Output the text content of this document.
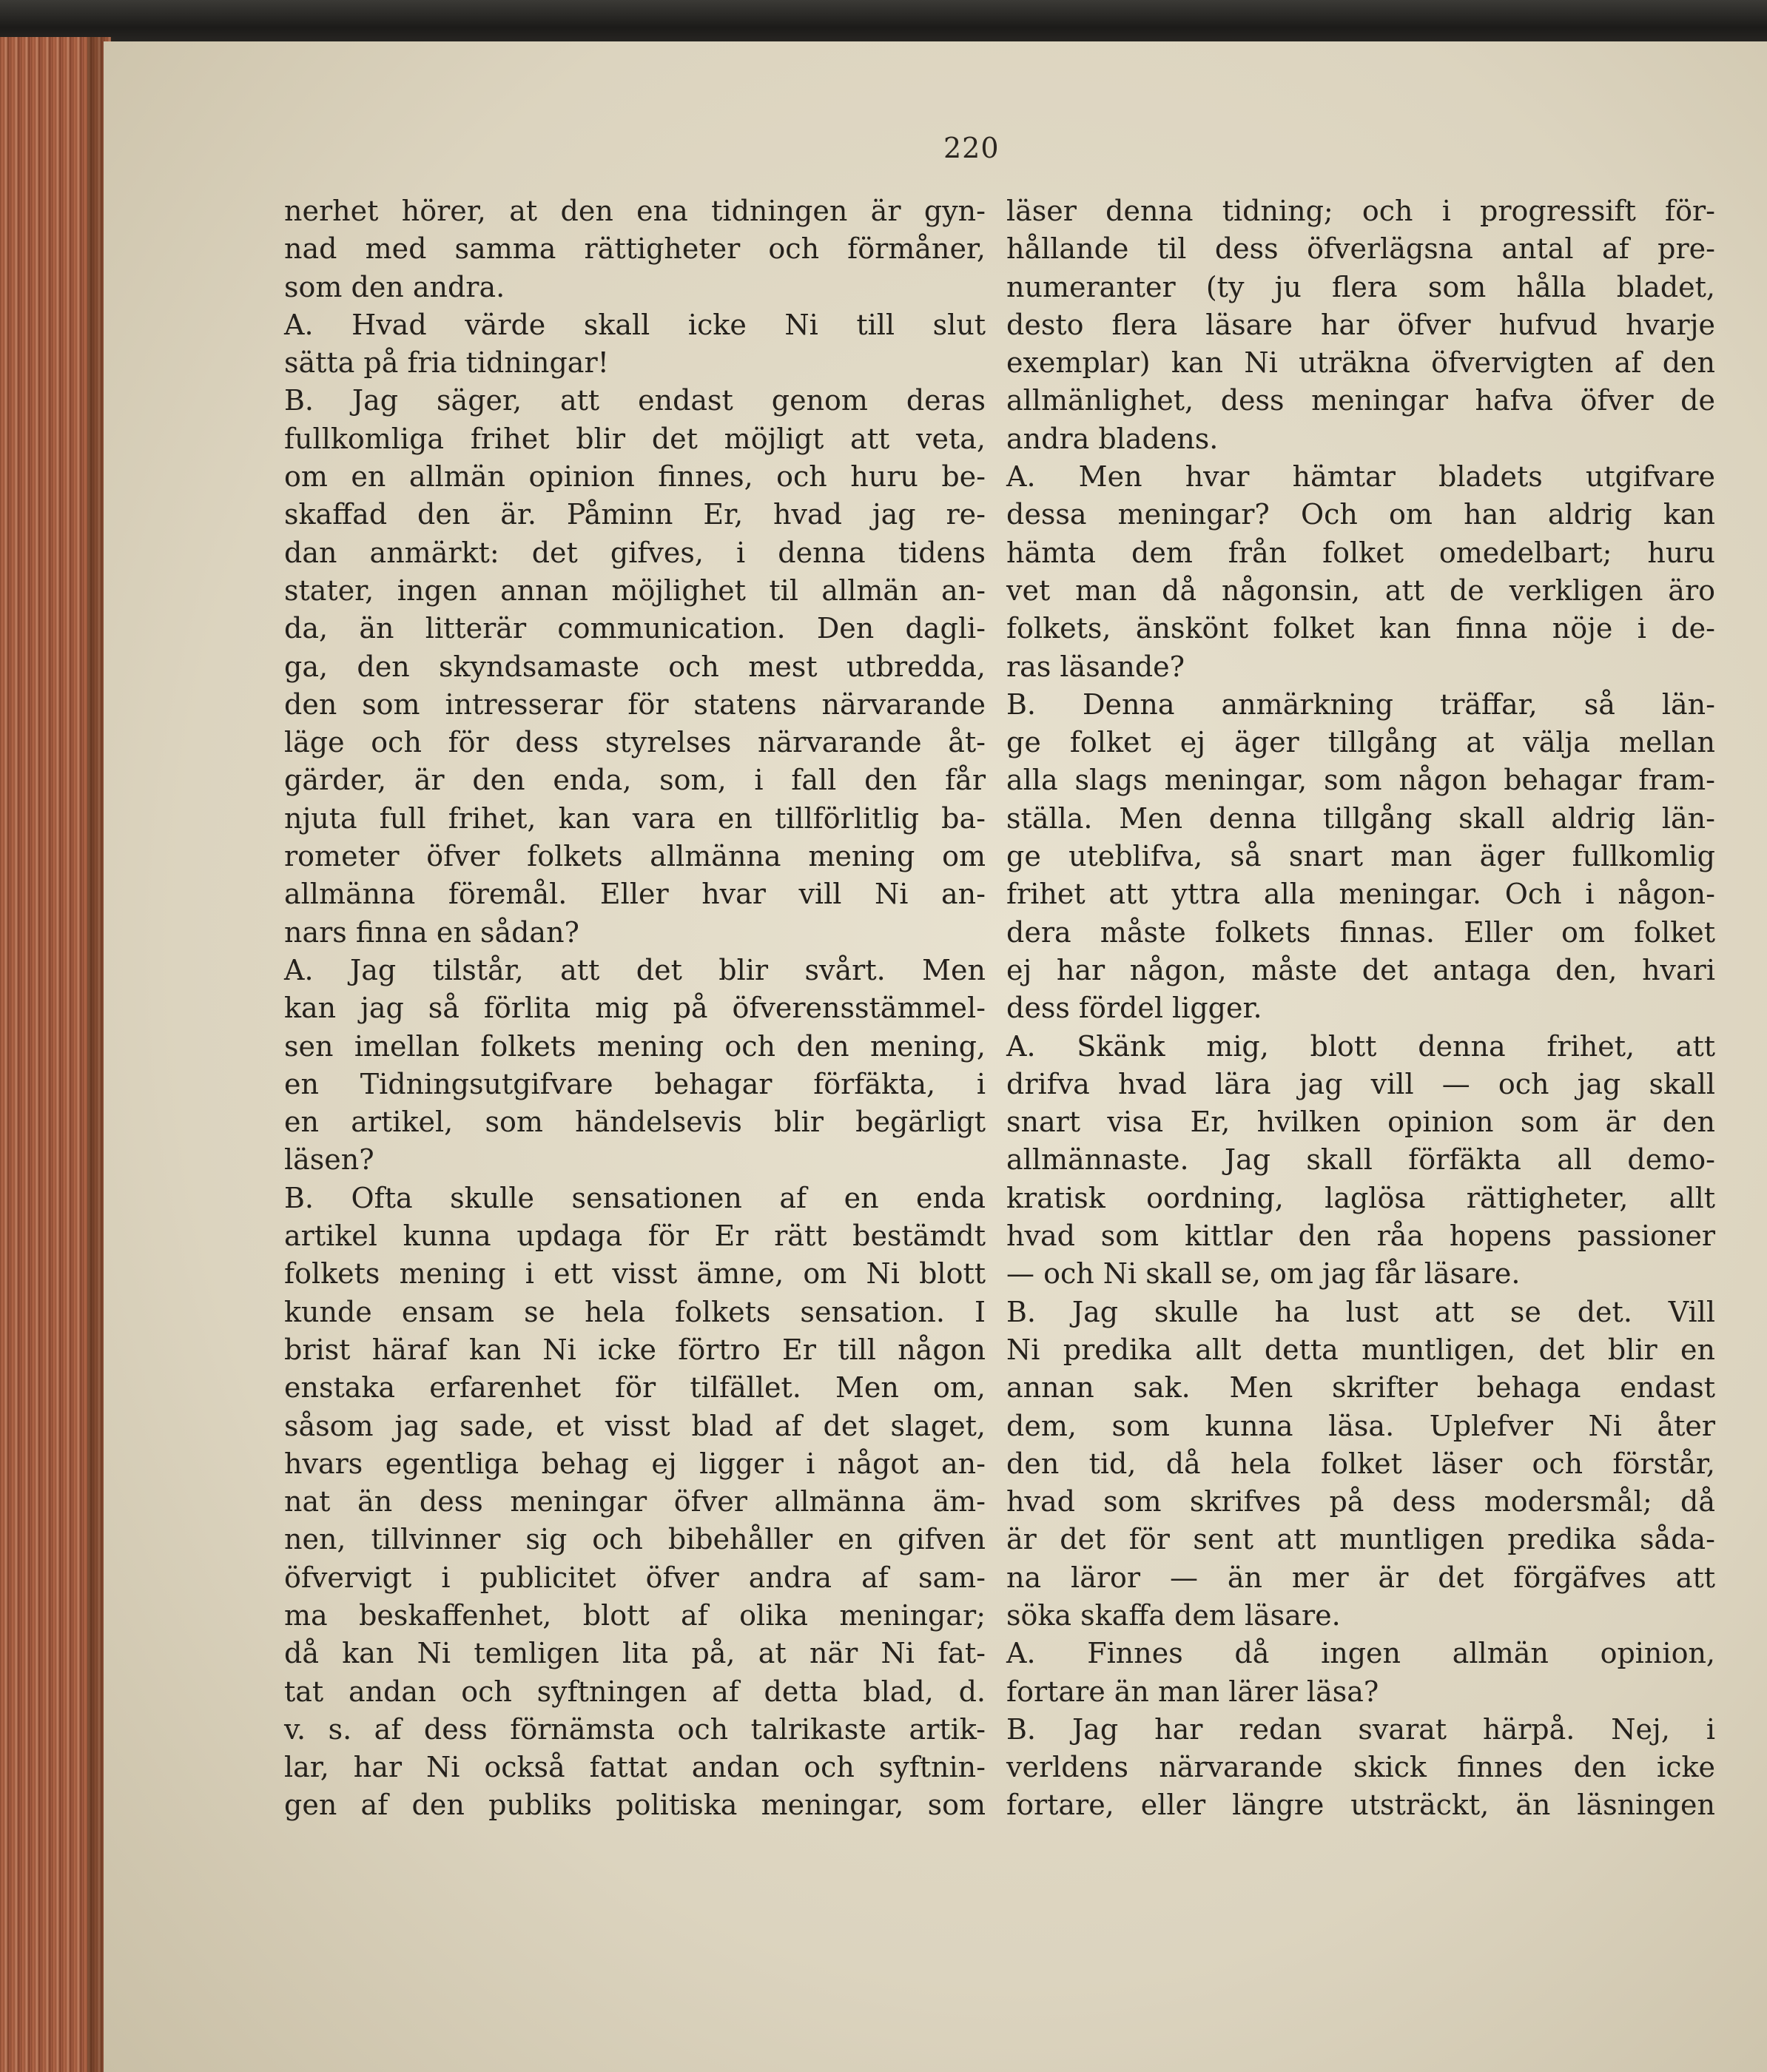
220
nerhet hörer, at den ena tidningen är gyn-
nad med samma rättigheter och förmåner,
som den andra.
A. Hvad värde skall icke Ni till slut
sätta på fria tidningar!
B. Jag säger, att endast genom deras
fullkomliga frihet blir det möjligt att veta,
om en allmän opinion finnes, och huru be-
skaffad den är. Påminn Er, hvad jag re-
dan anmärkt: det gifves, i denna tidens
stater, ingen annan möjlighet til allmän an-
da, än litterär communication. Den dagli-
ga, den skyndsamaste och mest utbredda,
den som intresserar för statens närvarande
läge och för dess styrelses närvarande åt-
gärder, är den enda, som, i fall den får
njuta full frihet, kan vara en tillförlitlig ba-
rometer öfver folkets allmänna mening om
allmänna föremål. Eller hvar vill Ni an-
nars finna en sådan?
A. Jag tilstår, att det blir svårt. Men
kan jag så förlita mig på öfverensstämmel-
sen imellan folkets mening och den mening,
en Tidningsutgifvare behagar förfäkta, i
en artikel, som händelsevis blir begärligt
läsen?
B. Ofta skulle sensationen af en enda
artikel kunna updaga för Er rätt bestämdt
folkets mening i ett visst ämne, om Ni blott
kunde ensam se hela folkets sensation. I
brist häraf kan Ni icke förtro Er till någon
enstaka erfarenhet för tilfället. Men om,
såsom jag sade, et visst blad af det slaget,
hvars egentliga behag ej ligger i något an-
nat än dess meningar öfver allmänna äm-
nen, tillvinner sig och bibehåller en gifven
öfvervigt i publicitet öfver andra af sam-
ma beskaffenhet, blott af olika meningar;
då kan Ni temligen lita på, at när Ni fat-
tat andan och syftningen af detta blad, d.
v. s. af dess förnämsta och talrikaste artik-
lar, har Ni också fattat andan och syftnin-
gen af den publiks politiska meningar, som
läser denna tidning; och i progressift för-
hållande til dess öfverlägsna antal af pre-
numeranter (ty ju flera som hålla bladet,
desto flera läsare har öfver hufvud hvarje
exemplar) kan Ni uträkna öfvervigten af den
allmänlighet, dess meningar hafva öfver de
andra bladens.
A. Men hvar hämtar bladets utgifvare
dessa meningar? Och om han aldrig kan
hämta dem från folket omedelbart; huru
vet man då någonsin, att de verkligen äro
folkets, änskönt folket kan finna nöje i de-
ras läsande?
B. Denna anmärkning träffar, så län-
ge folket ej äger tillgång at välja mellan
alla slags meningar, som någon behagar fram-
ställa. Men denna tillgång skall aldrig län-
ge uteblifva, så snart man äger fullkomlig
frihet att yttra alla meningar. Och i någon-
dera måste folkets finnas. Eller om folket
ej har någon, måste det antaga den, hvari
dess fördel ligger.
A. Skänk mig, blott denna frihet, att
drifva hvad lära jag vill — och jag skall
snart visa Er, hvilken opinion som är den
allmännaste. Jag skall förfäkta all demo-
kratisk oordning, laglösa rättigheter, allt
hvad som kittlar den råa hopens passioner
— och Ni skall se, om jag får läsare.
B. Jag skulle ha lust att se det. Vill
Ni predika allt detta muntligen, det blir en
annan sak. Men skrifter behaga endast
dem, som kunna läsa. Uplefver Ni åter
den tid, då hela folket läser och förstår,
hvad som skrifves på dess modersmål; då
är det för sent att muntligen predika såda-
na läror — än mer är det förgäfves att
söka skaffa dem läsare.
A. Finnes då ingen allmän opinion,
fortare än man lärer läsa?
B. Jag har redan svarat härpå. Nej, i
verldens närvarande skick finnes den icke
fortare, eller längre utsträckt, än läsningen
